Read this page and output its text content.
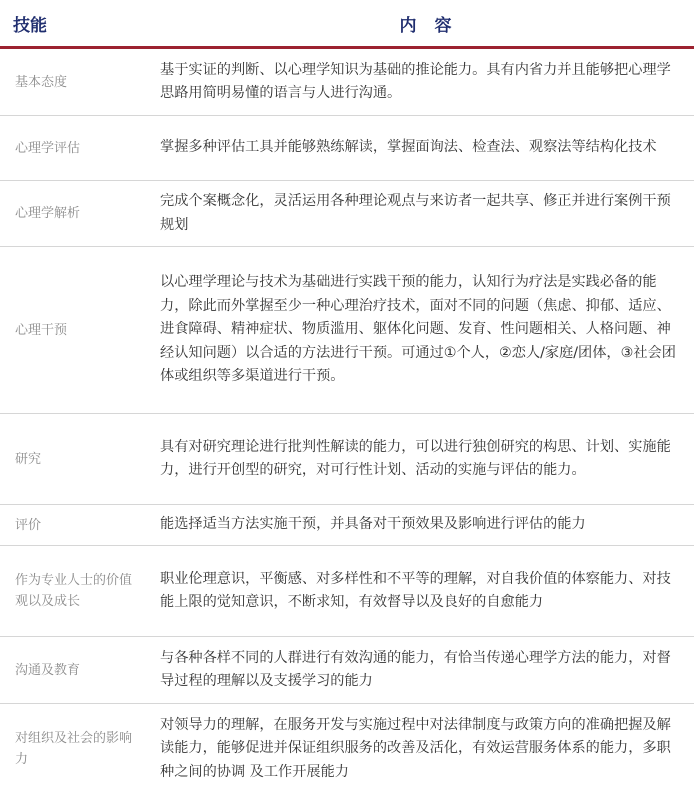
技能	内 容
基本态度	基于实证的判断、以心理学知识为基础的推论能力。具有内省力并且能够把心理学思路用简明易懂的语言与人进行沟通。
心理学评估	掌握多种评估工具并能够熟练解读，掌握面询法、检查法、观察法等结构化技术
心理学解析	完成个案概念化，灵活运用各种理论观点与来访者一起共享、修正并进行案例干预规划
心理干预	以心理学理论与技术为基础进行实践干预的能力，认知行为疗法是实践必备的能力，除此而外掌握至少一种心理治疗技术，面对不同的问题（焦虑、抑郁、适应、进食障碍、精神症状、物质滥用、躯体化问题、发育、性问题相关、人格问题、神经认知问题）以合适的方法进行干预。可通过①个人，②恋人/家庭/团体，③社会团体或组织等多渠道进行干预。
研究	具有对研究理论进行批判性解读的能力，可以进行独创研究的构思、计划、实施能力，进行开创型的研究，对可行性计划、活动的实施与评估的能力。
评价	能选择适当方法实施干预，并具备对干预效果及影响进行评估的能力
作为专业人士的价值观以及成长	职业伦理意识，平衡感、对多样性和不平等的理解，对自我价值的体察能力、对技能上限的觉知意识，不断求知，有效督导以及良好的自愈能力
沟通及教育	与各种各样不同的人群进行有效沟通的能力，有恰当传递心理学方法的能力，对督导过程的理解以及支援学习的能力
对组织及社会的影响力	对领导力的理解，在服务开发与实施过程中对法律制度与政策方向的准确把握及解读能力，能够促进并保证组织服务的改善及活化，有效运营服务体系的能力，多职种之间的协调 及工作开展能力
